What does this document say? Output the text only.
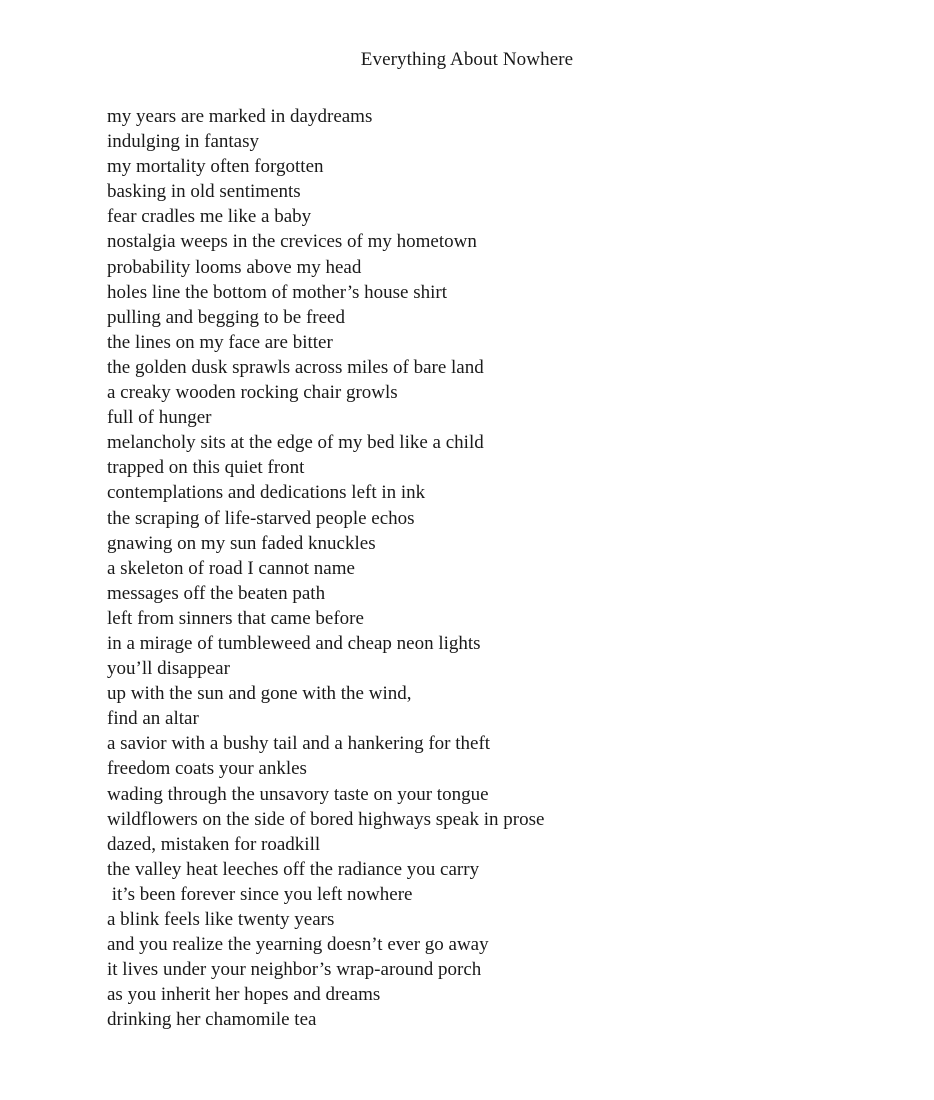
Everything About Nowhere
my years are marked in daydreams
indulging in fantasy
my mortality often forgotten
basking in old sentiments
fear cradles me like a baby
nostalgia weeps in the crevices of my hometown
probability looms above my head
holes line the bottom of mother’s house shirt
pulling and begging to be freed
the lines on my face are bitter
the golden dusk sprawls across miles of bare land
a creaky wooden rocking chair growls
full of hunger
melancholy sits at the edge of my bed like a child
trapped on this quiet front
contemplations and dedications left in ink
the scraping of life-starved people echos
gnawing on my sun faded knuckles
a skeleton of road I cannot name
messages off the beaten path
left from sinners that came before
in a mirage of tumbleweed and cheap neon lights
you’ll disappear
up with the sun and gone with the wind,
find an altar
a savior with a bushy tail and a hankering for theft
freedom coats your ankles
wading through the unsavory taste on your tongue
wildflowers on the side of bored highways speak in prose
dazed, mistaken for roadkill
the valley heat leeches off the radiance you carry
it’s been forever since you left nowhere
a blink feels like twenty years
and you realize the yearning doesn’t ever go away
it lives under your neighbor’s wrap-around porch
as you inherit her hopes and dreams
drinking her chamomile tea
